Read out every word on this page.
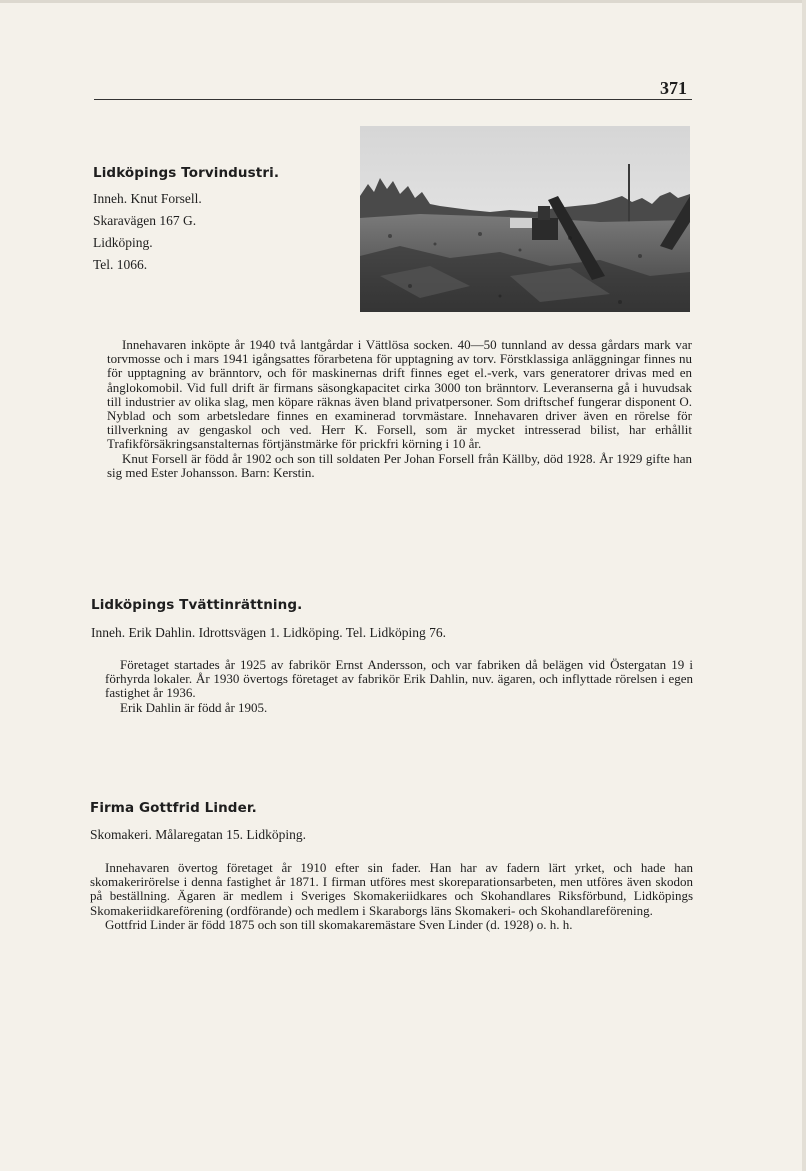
371
Lidköpings Torvindustri.
Inneh. Knut Forsell.
Skaravägen 167 G.
Lidköping.
Tel. 1066.

Innehavaren inköpte år 1940 två lantgårdar i Vättlösa socken. 40—50 tunnland av dessa gårdars mark var torvmosse och i mars 1941 igångsattes förarbetena för upptagning av torv. Förstklassiga anläggningar finnes nu för upptagning av bränntorv, och för maskinernas drift finnes eget el.-verk, vars generatorer drivas med en ånglokomobil. Vid full drift är firmans säsongkapacitet cirka 3000 ton bränntorv. Leveranserna gå i huvudsak till industrier av olika slag, men köpare räknas även bland privatpersoner. Som driftschef fungerar disponent O. Nyblad och som arbetsledare finnes en examinerad torvmästare. Innehavaren driver även en rörelse för tillverkning av gengaskol och ved. Herr K. Forsell, som är mycket intresserad bilist, har erhållit Trafikförsäkringsanstalternas förtjänstmärke för prickfri körning i 10 år.

Knut Forsell är född år 1902 och son till soldaten Per Johan Forsell från Källby, död 1928. År 1929 gifte han sig med Ester Johansson. Barn: Kerstin.

Lidköpings Tvättinrättning.
Inneh. Erik Dahlin. Idrottsvägen 1. Lidköping. Tel. Lidköping 76.

Företaget startades år 1925 av fabrikör Ernst Andersson, och var fabriken då belägen vid Östergatan 19 i förhyrda lokaler. År 1930 övertogs företaget av fabrikör Erik Dahlin, nuv. ägaren, och inflyttade rörelsen i egen fastighet år 1936.

Erik Dahlin är född år 1905.

Firma Gottfrid Linder.
Skomakeri. Målaregatan 15. Lidköping.

Innehavaren övertog företaget år 1910 efter sin fader. Han har av fadern lärt yrket, och hade han skomakerirörelse i denna fastighet år 1871. I firman utföres mest skoreparationsarbeten, men utföres även skodon på beställning. Ägaren är medlem i Sveriges Skomakeriidkares och Skohandlares Riksförbund, Lidköpings Skomakeriidkareförening (ordförande) och medlem i Skaraborgs läns Skomakeri- och Skohandlareförening.

Gottfrid Linder är född 1875 och son till skomakaremästare Sven Linder (d. 1928) o. h. h.
